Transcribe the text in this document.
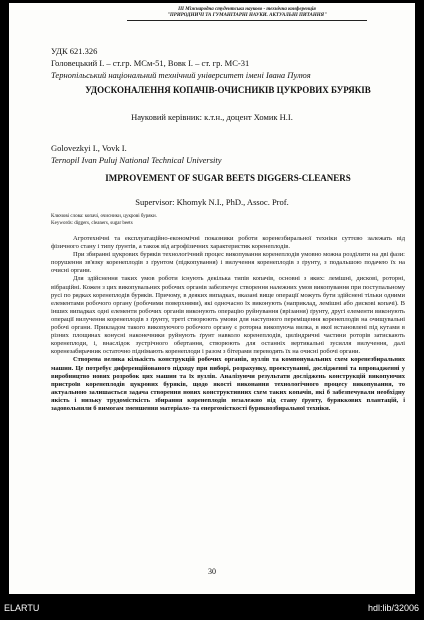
ІІІ Міжнародна студентська науково - технічна конференція
"ПРИРОДНИЧІ ТА ГУМАНІТАРНІ НАУКИ. АКТУАЛЬНІ ПИТАННЯ"
УДК 621.326
Головецький І. – ст.гр. МСм-51, Вовк І. – ст. гр. МС-31
Тернопільський національний технічний університет імені Івана Пулюя
УДОСКОНАЛЕННЯ КОПАЧІВ-ОЧИСНИКІВ ЦУКРОВИХ БУРЯКІВ
Науковий керівник: к.т.н., доцент Хомик Н.І.
Golovezkyi I., Vovk I.
Ternopil Ivan Puluj National Technical University
IMPROVEMENT OF SUGAR BEETS DIGGERS-CLEANERS
Supervisor: Khomyk N.I., PhD., Assoc. Prof.
Ключові слова: копачі, очисники, цукрові буряки.
Keywords: diggers, cleaners, sugar beets

Агротехнічні та експлуатаційно-економічні показники роботи коренезбиральної техніки суттєво залежать від фізичного стану і типу ґрунтів, а також від агрофізичних характеристик коренеплодів.

При збиранні цукрових буряків технологічний процес викопування коренеплодів умовно можна розділити на дві фази: порушення зв'язку коренеплодів з ґрунтом (підкопування) і вилучення коренеплодів з ґрунту, з подальшою подачею їх на очисні органи.

Для здійснення таких умов роботи існують декілька типів копачів, основні з яких: лемішні, дискові, роторні, вібраційні. Кожен з цих викопувальних робочих органів забезпечує створення належних умов викопування при поступальному русі по рядках коренеплодів буряків. Причому, в деяких випадках, вказані вище операції можуть бути здійснені тільки одними елементами робочого органу (робочими поверхнями), які одночасно їх виконують (наприклад, лемішні або дискові копачі). В інших випадках одні елементи робочих органів виконують операцію руйнування (врізання) ґрунту, другі елементи виконують операції вилучення коренеплодів з ґрунту, треті створюють умови для наступного переміщення коренеплодів на очищувальні робочі органи. Прикладом такого викопуючого робочого органу є роторна викопуюча вилка, в якої встановлені під кутами в різних площинах конусні наконечники руйнують ґрунт навколо коренеплодів, циліндричні частини роторів затискають коренеплоди, і, внаслідок зустрічного обертання, створюють для останніх вертикальні зусилля вилучення, далі коренезабирачник остаточно піднімають коренеплоди і разом з бітерами переводять їх на очисні робочі органи.

Створена велика кількість конструкцій робочих органів, вузлів та компонувальних схем коренезбиральних машин. Це потребує диференційованого підходу при виборі, розрахунку, проектуванні, дослідженні та впровадженні у виробництво нових розробок цих машин та їх вузлів. Аналізуючи результати досліджень конструкцій викопуючих пристроїв коренеплодів цукрових буряків, щодо якості виконання технологічного процесу викопування, то актуальною залишається задача створення нових конструктивних схем таких копачів, які б забезпечували необхідну якість і низьку трудомісткість збирання коренеплодів незалежно від стану ґрунту, буряккових плантацій, і задовольняли б вимогам зменшення матеріало- та енергомісткості буряквозбиральної техніки.

30
ELARTU	hdl:lib/32006
